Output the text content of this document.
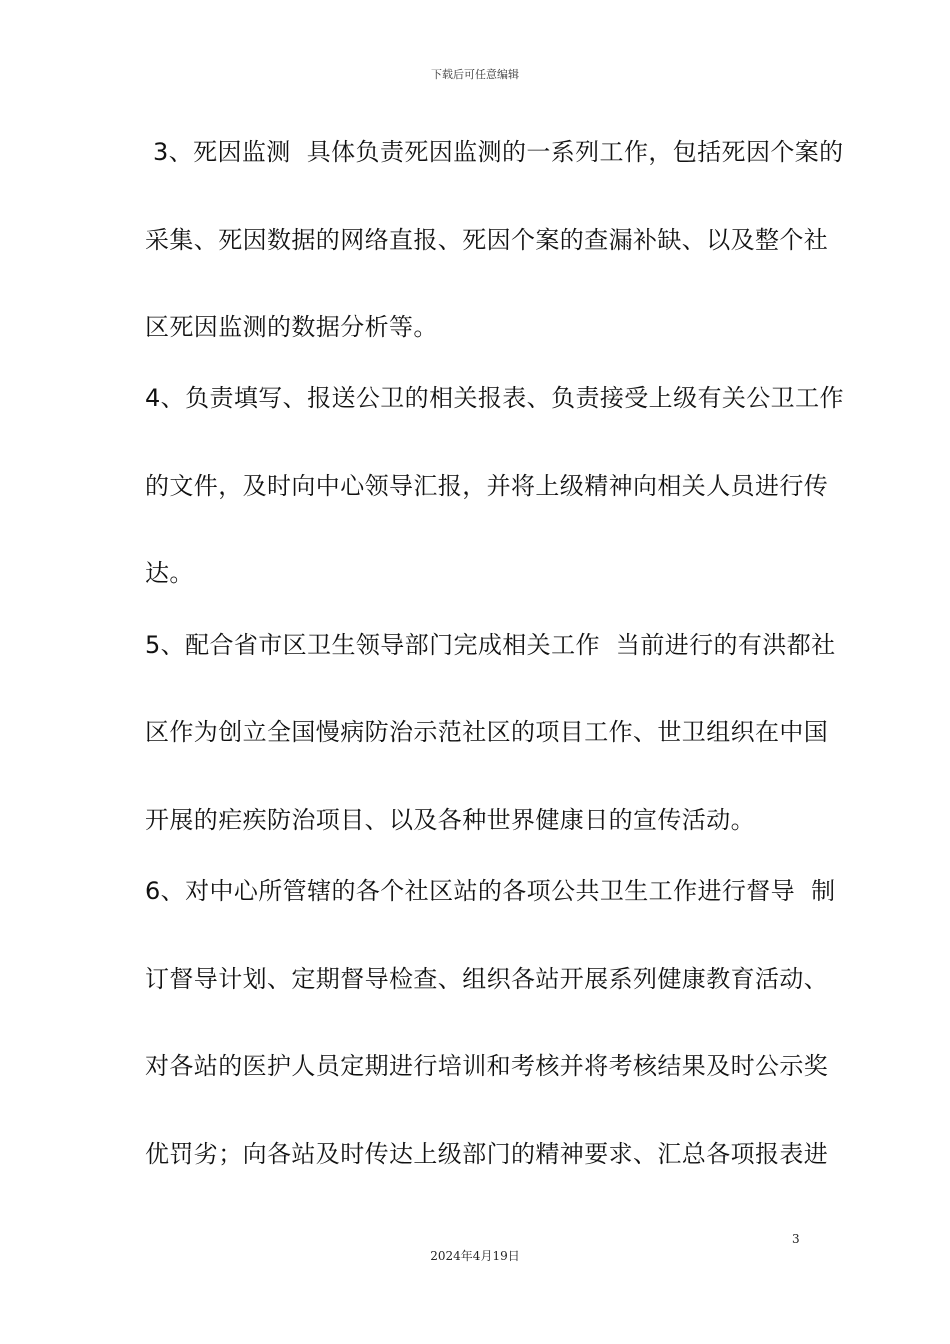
下载后可任意编辑
3、死因监测  具体负责死因监测的一系列工作，包括死因个案的
采集、死因数据的网络直报、死因个案的查漏补缺、以及整个社
区死因监测的数据分析等。
4、负责填写、报送公卫的相关报表、负责接受上级有关公卫工作
的文件，及时向中心领导汇报，并将上级精神向相关人员进行传
达。
5、配合省市区卫生领导部门完成相关工作  当前进行的有洪都社
区作为创立全国慢病防治示范社区的项目工作、世卫组织在中国
开展的疟疾防治项目、以及各种世界健康日的宣传活动。
6、对中心所管辖的各个社区站的各项公共卫生工作进行督导  制
订督导计划、定期督导检查、组织各站开展系列健康教育活动、
对各站的医护人员定期进行培训和考核并将考核结果及时公示奖
优罚劣；向各站及时传达上级部门的精神要求、汇总各项报表进
3
2024年4月19日
